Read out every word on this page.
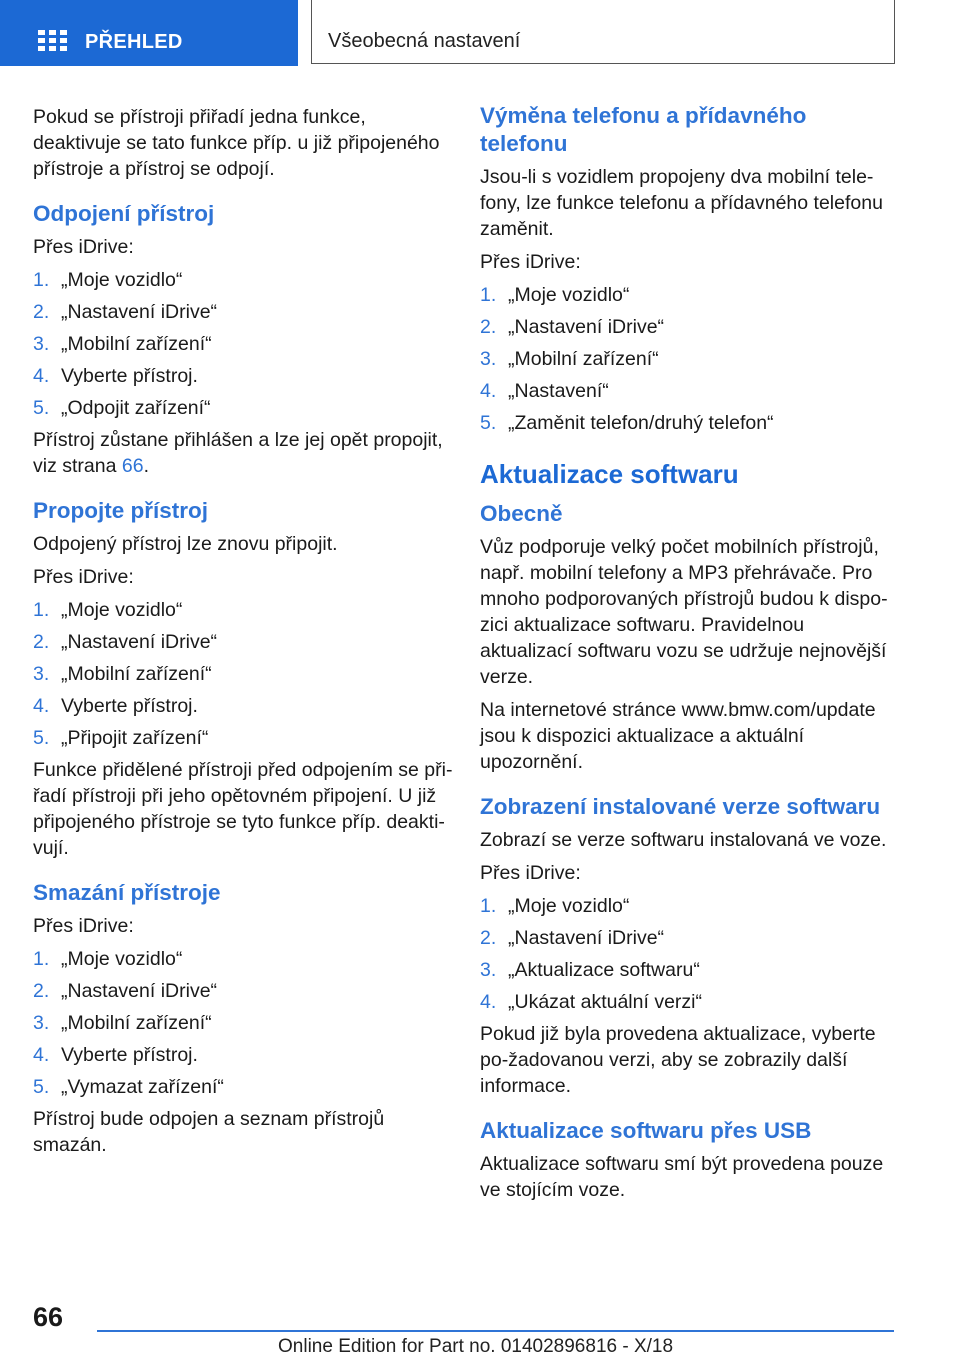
PŘEHLED	Všeobecná nastavení

Pokud se přístroji přiřadí jedna funkce, deaktivuje se tato funkce příp. u již připojeného přístroje a přístroj se odpojí.

Odpojení přístroj

Přes iDrive:

1. „Moje vozidlo“
2. „Nastavení iDrive“
3. „Mobilní zařízení“
4. Vyberte přístroj.
5. „Odpojit zařízení“

Přístroj zůstane přihlášen a lze jej opět propojit, viz strana 66.

Propojte přístroj

Odpojený přístroj lze znovu připojit.

Přes iDrive:

1. „Moje vozidlo“
2. „Nastavení iDrive“
3. „Mobilní zařízení“
4. Vyberte přístroj.
5. „Připojit zařízení“

Funkce přidělené přístroji před odpojením se při-řadí přístroji při jeho opětovném připojení. U již připojeného přístroje se tyto funkce příp. deakti-vují.

Smazání přístroje

Přes iDrive:

1. „Moje vozidlo“
2. „Nastavení iDrive“
3. „Mobilní zařízení“
4. Vyberte přístroj.
5. „Vymazat zařízení“

Přístroj bude odpojen a seznam přístrojů smazán.

Výměna telefonu a přídavného telefonu

Jsou-li s vozidlem propojeny dva mobilní tele-fony, lze funkce telefonu a přídavného telefonu zaměnit.

Přes iDrive:

1. „Moje vozidlo“
2. „Nastavení iDrive“
3. „Mobilní zařízení“
4. „Nastavení“
5. „Zaměnit telefon/druhý telefon“
Aktualizace softwaru
Obecně

Vůz podporuje velký počet mobilních přístrojů, např. mobilní telefony a MP3 přehrávače. Pro mnoho podporovaných přístrojů budou k dispo-zici aktualizace softwaru. Pravidelnou aktualizací softwaru vozu se udržuje nejnovější verze.

Na internetové stránce www.bmw.com/update jsou k dispozici aktualizace a aktuální upozornění.

Zobrazení instalované verze softwaru

Zobrazí se verze softwaru instalovaná ve voze.

Přes iDrive:

1. „Moje vozidlo“
2. „Nastavení iDrive“
3. „Aktualizace softwaru“
4. „Ukázat aktuální verzi“

Pokud již byla provedena aktualizace, vyberte po-žadovanou verzi, aby se zobrazily další informace.

Aktualizace softwaru přes USB

Aktualizace softwaru smí být provedena pouze ve stojícím voze.

66
Online Edition for Part no. 01402896816 - X/18
